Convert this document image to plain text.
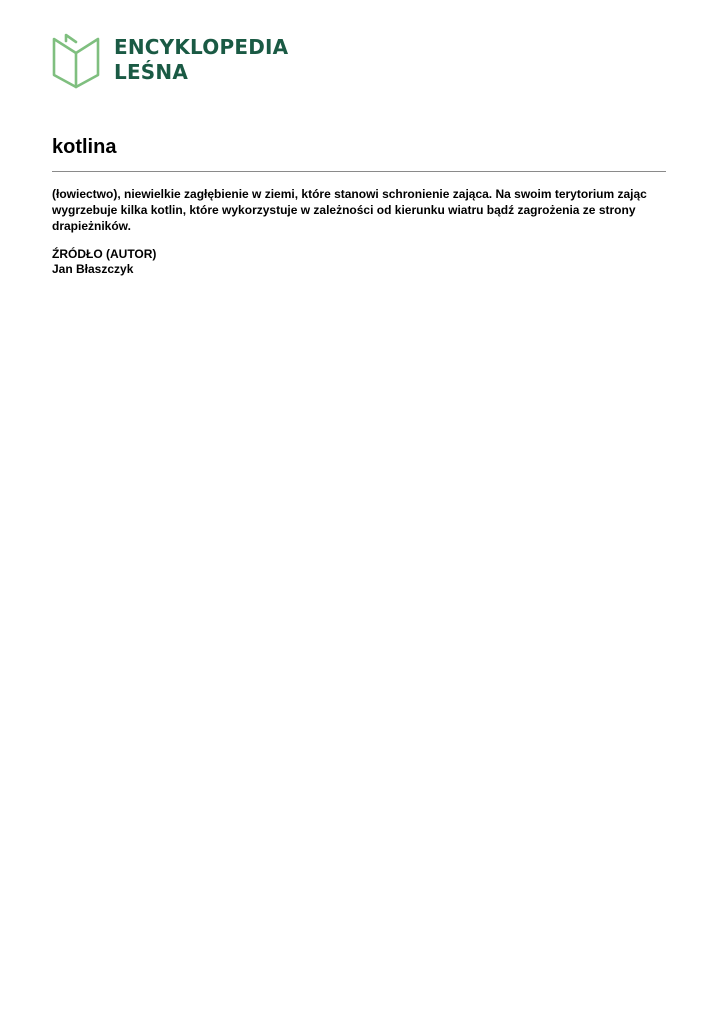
ENCYKLOPEDIA
LEŚNA
kotlina

(łowiectwo), niewielkie zagłębienie w ziemi, które stanowi schronienie zająca. Na swoim terytorium zając wygrzebuje kilka kotlin, które wykorzystuje w zależności od kierunku wiatru bądź zagrożenia ze strony drapieżników.

ŹRÓDŁO (AUTOR)
Jan Błaszczyk
